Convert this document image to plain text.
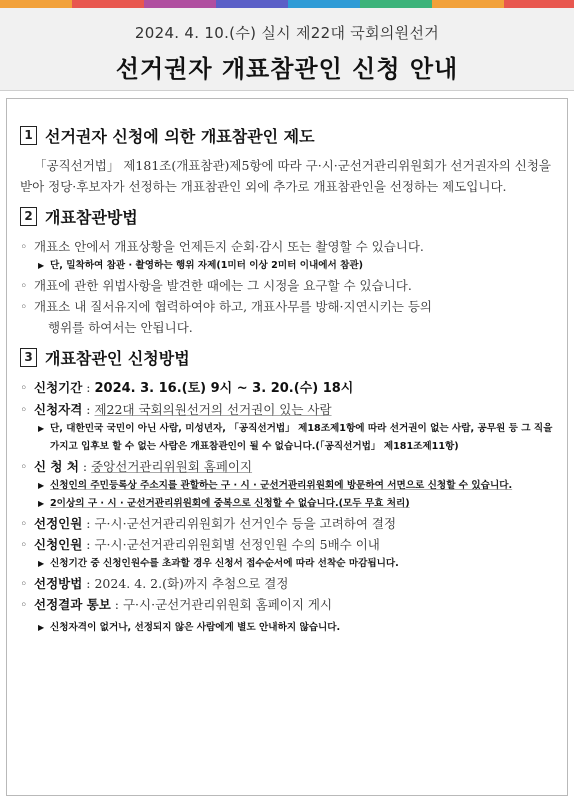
2024. 4. 10.(수) 실시 제22대 국회의원선거
선거권자 개표참관인 신청 안내
1 선거권자 신청에 의한 개표참관인 제도

「공직선거법」 제181조(개표참관)제5항에 따라 구·시·군선거관리위원회가 선거권자의 신청을 받아 정당·후보자가 선정하는 개표참관인 외에 추가로 개표참관인을 선정하는 제도입니다.

2 개표참관방법

◦ 개표소 안에서 개표상황을 언제든지 순회·감시 또는 촬영할 수 있습니다.

▶ 단, 밀착하여 참관 · 촬영하는 행위 자제(1미터 이상 2미터 이내에서 참관)

◦ 개표에 관한 위법사항을 발견한 때에는 그 시정을 요구할 수 있습니다.

◦ 개표소 내 질서유지에 협력하여야 하고, 개표사무를 방해·지연시키는 등의

행위를 하여서는 안됩니다.

3 개표참관인 신청방법

◦ 신청기간 : 2024. 3. 16.(토) 9시 ~ 3. 20.(수) 18시

◦ 신청자격 : 제22대 국회의원선거의 선거권이 있는 사람

▶ 단, 대한민국 국민이 아닌 사람, 미성년자, 「공직선거법」 제18조제1항에 따라 선거권이 없는 사람, 공무원 등 그 직을 가지고 입후보 할 수 없는 사람은 개표참관인이 될 수 없습니다.(「공직선거법」 제181조제11항)

◦ 신 청 처 : 중앙선거관리위원회 홈페이지

▶ 신청인의 주민등록상 주소지를 관할하는 구 · 시 · 군선거관리위원회에 방문하여 서면으로 신청할 수 있습니다.
▶ 2이상의 구 · 시 · 군선거관리위원회에 중복으로 신청할 수 없습니다.(모두 무효 처리)

◦ 선정인원 : 구·시·군선거관리위원회가 선거인수 등을 고려하여 결정

◦ 신청인원 : 구·시·군선거관리위원회별 선정인원 수의 5배수 이내

▶ 신청기간 중 신청인원수를 초과할 경우 신청서 접수순서에 따라 선착순 마감됩니다.

◦ 선정방법 : 2024. 4. 2.(화)까지 추첨으로 결정

◦ 선정결과 통보 : 구·시·군선거관리위원회 홈페이지 게시

▶ 신청자격이 없거나, 선정되지 않은 사람에게 별도 안내하지 않습니다.
